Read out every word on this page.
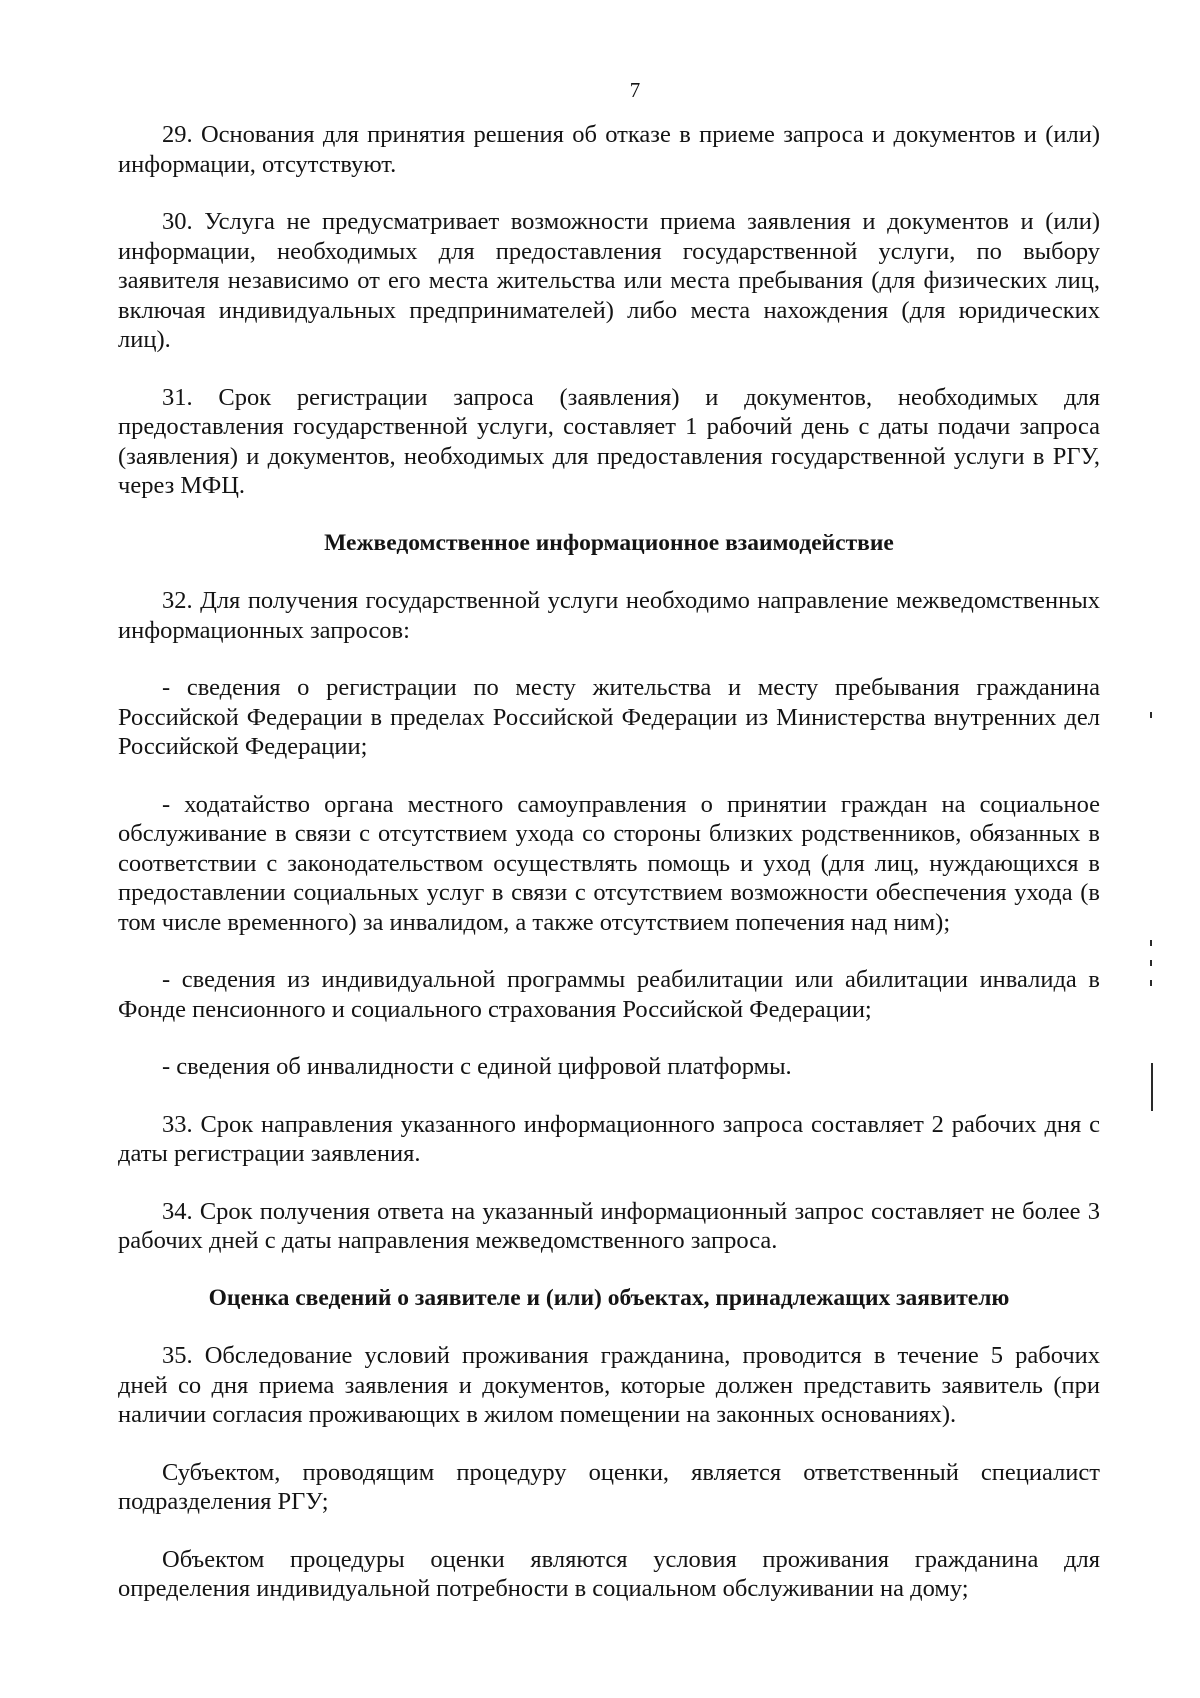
7

29. Основания для принятия решения об отказе в приеме запроса и документов и (или) информации, отсутствуют.

30. Услуга не предусматривает возможности приема заявления и документов и (или) информации, необходимых для предоставления государственной услуги, по выбору заявителя независимо от его места жительства или места пребывания (для физических лиц, включая индивидуальных предпринимателей) либо места нахождения (для юридических лиц).

31. Срок регистрации запроса (заявления) и документов, необходимых для предоставления государственной услуги, составляет 1 рабочий день с даты подачи запроса (заявления) и документов, необходимых для предоставления государственной услуги в РГУ, через МФЦ.

Межведомственное информационное взаимодействие

32. Для получения государственной услуги необходимо направление межведомственных информационных запросов:

- сведения о регистрации по месту жительства и месту пребывания гражданина Российской Федерации в пределах Российской Федерации из Министерства внутренних дел Российской Федерации;

- ходатайство органа местного самоуправления о принятии граждан на социальное обслуживание в связи с отсутствием ухода со стороны близких родственников, обязанных в соответствии с законодательством осуществлять помощь и уход (для лиц, нуждающихся в предоставлении социальных услуг в связи с отсутствием возможности обеспечения ухода (в том числе временного) за инвалидом, а также отсутствием попечения над ним);

- сведения из индивидуальной программы реабилитации или абилитации инвалида в Фонде пенсионного и социального страхования Российской Федерации;

- сведения об инвалидности с единой цифровой платформы.

33. Срок направления указанного информационного запроса составляет 2 рабочих дня с даты регистрации заявления.

34. Срок получения ответа на указанный информационный запрос составляет не более 3 рабочих дней с даты направления межведомственного запроса.

Оценка сведений о заявителе и (или) объектах, принадлежащих заявителю

35. Обследование условий проживания гражданина, проводится в течение 5 рабочих дней со дня приема заявления и документов, которые должен представить заявитель (при наличии согласия проживающих в жилом помещении на законных основаниях).

Субъектом, проводящим процедуру оценки, является ответственный специалист подразделения РГУ;

Объектом процедуры оценки являются условия проживания гражданина для определения индивидуальной потребности в социальном обслуживании на дому;
